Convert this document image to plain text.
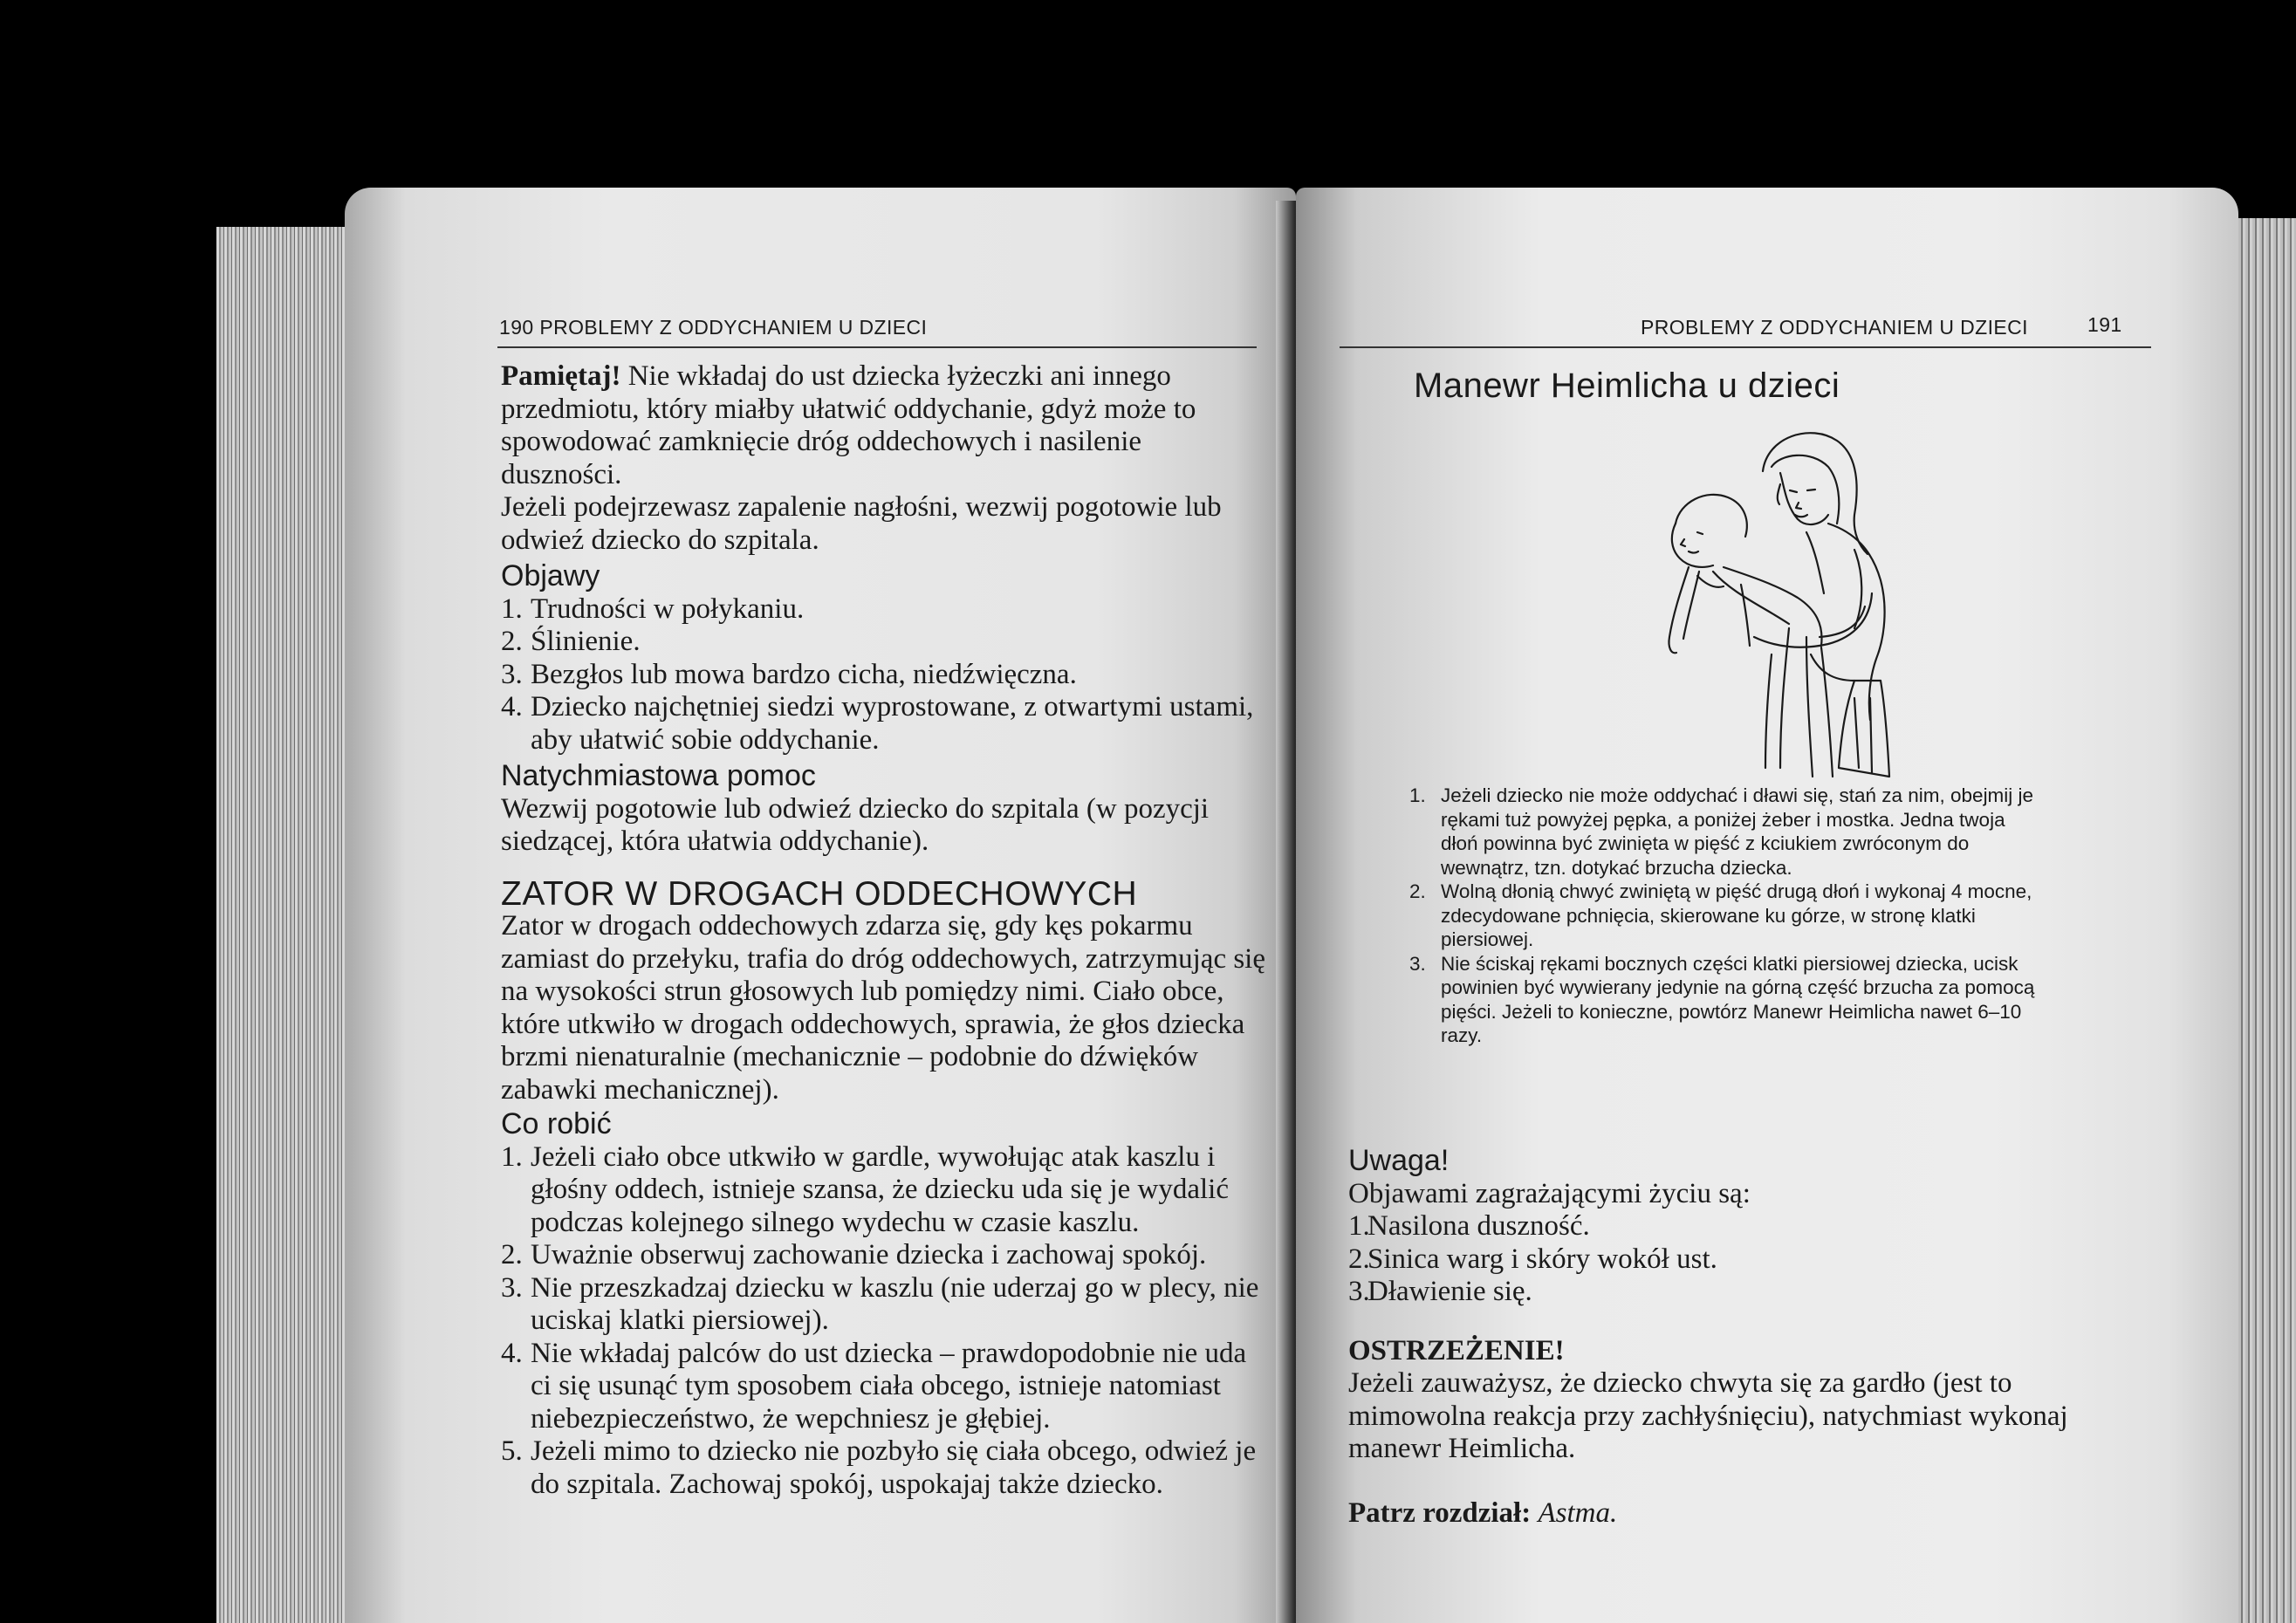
190 PROBLEMY Z ODDYCHANIEM U DZIECI

Pamiętaj! Nie wkładaj do ust dziecka łyżeczki ani innego przedmiotu, który miałby ułatwić oddychanie, gdyż może to spowodować zamknięcie dróg oddechowych i nasilenie duszności.

Jeżeli podejrzewasz zapalenie nagłośni, wezwij pogotowie lub odwieź dziecko do szpitala.

Objawy
1. Trudności w połykaniu.
2. Ślinienie.
3. Bezgłos lub mowa bardzo cicha, niedźwięczna.
4. Dziecko najchętniej siedzi wyprostowane, z otwartymi ustami, aby ułatwić sobie oddychanie.
Natychmiastowa pomoc

Wezwij pogotowie lub odwieź dziecko do szpitala (w pozycji siedzącej, która ułatwia oddychanie).

ZATOR W DROGACH ODDECHOWYCH

Zator w drogach oddechowych zdarza się, gdy kęs pokarmu zamiast do przełyku, trafia do dróg oddechowych, zatrzymując się na wysokości strun głosowych lub pomiędzy nimi. Ciało obce, które utkwiło w drogach oddechowych, sprawia, że głos dziecka brzmi nienaturalnie (mechanicznie – podobnie do dźwięków zabawki mechanicznej).

Co robić
1. Jeżeli ciało obce utkwiło w gardle, wywołując atak kaszlu i głośny oddech, istnieje szansa, że dziecku uda się je wydalić podczas kolejnego silnego wydechu w czasie kaszlu.
2. Uważnie obserwuj zachowanie dziecka i zachowaj spokój.
3. Nie przeszkadzaj dziecku w kaszlu (nie uderzaj go w plecy, nie uciskaj klatki piersiowej).
4. Nie wkładaj palców do ust dziecka – prawdopodobnie nie uda ci się usunąć tym sposobem ciała obcego, istnieje natomiast niebezpieczeństwo, że wepchniesz je głębiej.
5. Jeżeli mimo to dziecko nie pozbyło się ciała obcego, odwieź je do szpitala. Zachowaj spokój, uspokajaj także dziecko.
PROBLEMY Z ODDYCHANIEM U DZIECI	191
Manewr Heimlicha u dzieci
1. Jeżeli dziecko nie może oddychać i dławi się, stań za nim, obejmij je rękami tuż powyżej pępka, a poniżej żeber i mostka. Jedna twoja dłoń powinna być zwinięta w pięść z kciukiem zwróconym do wewnątrz, tzn. dotykać brzucha dziecka.
2. Wolną dłonią chwyć zwiniętą w pięść drugą dłoń i wykonaj 4 mocne, zdecydowane pchnięcia, skierowane ku górze, w stronę klatki piersiowej.
3. Nie ściskaj rękami bocznych części klatki piersiowej dziecka, ucisk powinien być wywierany jedynie na górną część brzucha za pomocą pięści. Jeżeli to konieczne, powtórz Manewr Heimlicha nawet 6–10 razy.
Uwaga!

Objawami zagrażającymi życiu są:

1.
Nasilona duszność.
2.
Sinica warg i skóry wokół ust.
3.
Dławienie się.
OSTRZEŻENIE!

Jeżeli zauważysz, że dziecko chwyta się za gardło (jest to mimowolna reakcja przy zachłyśnięciu), natychmiast wykonaj manewr Heimlicha.

Patrz rozdział: Astma.
